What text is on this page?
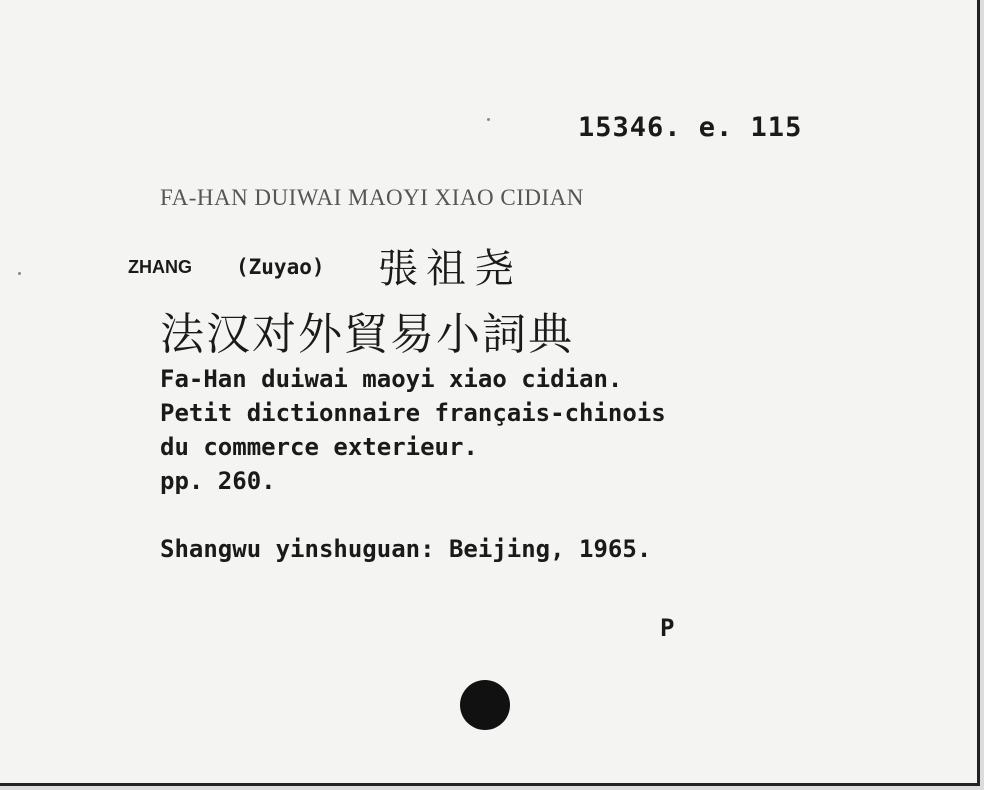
15346. e. 115
FA-HAN DUIWAI MAOYI XIAO CIDIAN
ZHANG (Zuyao) 張祖尧
法汉对外貿易小詞典
Fa-Han duiwai maoyi xiao cidian.
Petit dictionnaire français-chinois
du commerce exterieur.
pp. 260.
Shangwu yinshuguan: Beijing, 1965.
P
